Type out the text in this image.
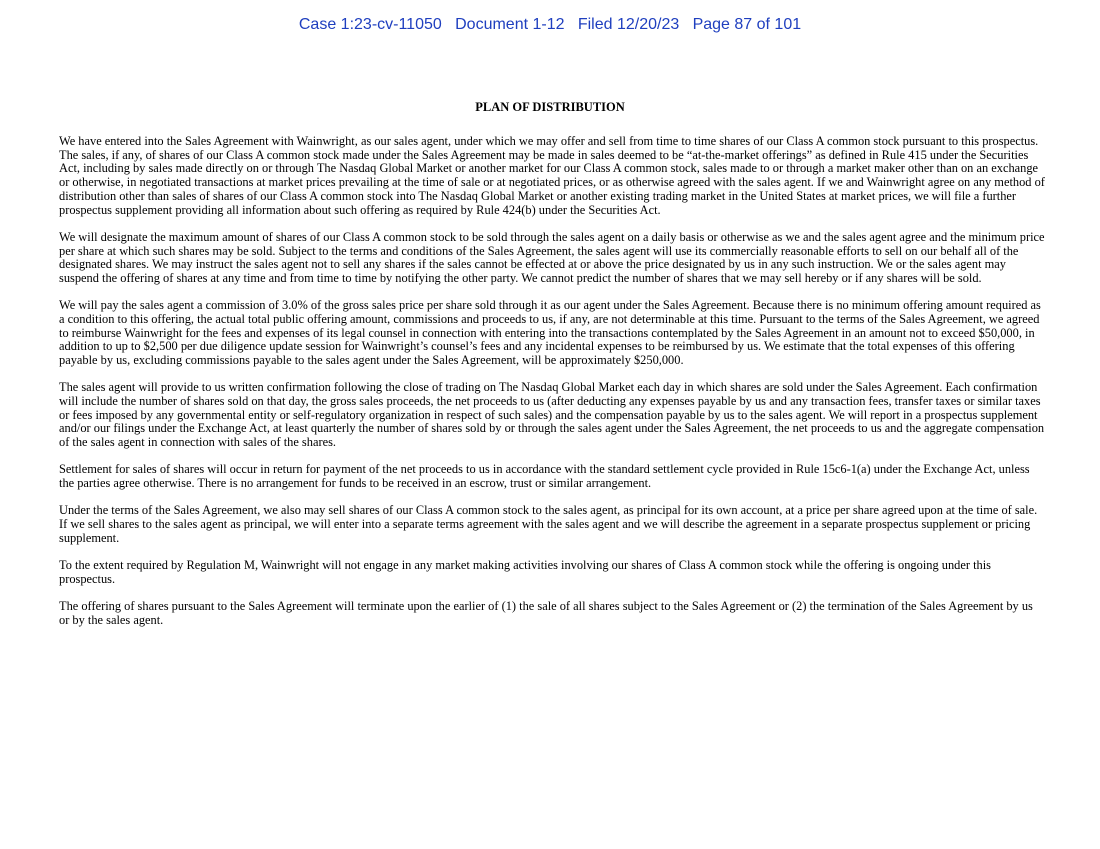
Case 1:23-cv-11050   Document 1-12   Filed 12/20/23   Page 87 of 101
PLAN OF DISTRIBUTION

We have entered into the Sales Agreement with Wainwright, as our sales agent, under which we may offer and sell from time to time shares of our Class A common stock pursuant to this prospectus. The sales, if any, of shares of our Class A common stock made under the Sales Agreement may be made in sales deemed to be “at-the-market offerings” as defined in Rule 415 under the Securities Act, including by sales made directly on or through The Nasdaq Global Market or another market for our Class A common stock, sales made to or through a market maker other than on an exchange or otherwise, in negotiated transactions at market prices prevailing at the time of sale or at negotiated prices, or as otherwise agreed with the sales agent. If we and Wainwright agree on any method of distribution other than sales of shares of our Class A common stock into The Nasdaq Global Market or another existing trading market in the United States at market prices, we will file a further prospectus supplement providing all information about such offering as required by Rule 424(b) under the Securities Act.

We will designate the maximum amount of shares of our Class A common stock to be sold through the sales agent on a daily basis or otherwise as we and the sales agent agree and the minimum price per share at which such shares may be sold. Subject to the terms and conditions of the Sales Agreement, the sales agent will use its commercially reasonable efforts to sell on our behalf all of the designated shares. We may instruct the sales agent not to sell any shares if the sales cannot be effected at or above the price designated by us in any such instruction. We or the sales agent may suspend the offering of shares at any time and from time to time by notifying the other party. We cannot predict the number of shares that we may sell hereby or if any shares will be sold.

We will pay the sales agent a commission of 3.0% of the gross sales price per share sold through it as our agent under the Sales Agreement. Because there is no minimum offering amount required as a condition to this offering, the actual total public offering amount, commissions and proceeds to us, if any, are not determinable at this time. Pursuant to the terms of the Sales Agreement, we agreed to reimburse Wainwright for the fees and expenses of its legal counsel in connection with entering into the transactions contemplated by the Sales Agreement in an amount not to exceed $50,000, in addition to up to $2,500 per due diligence update session for Wainwright’s counsel’s fees and any incidental expenses to be reimbursed by us. We estimate that the total expenses of this offering payable by us, excluding commissions payable to the sales agent under the Sales Agreement, will be approximately $250,000.

The sales agent will provide to us written confirmation following the close of trading on The Nasdaq Global Market each day in which shares are sold under the Sales Agreement. Each confirmation will include the number of shares sold on that day, the gross sales proceeds, the net proceeds to us (after deducting any expenses payable by us and any transaction fees, transfer taxes or similar taxes or fees imposed by any governmental entity or self-regulatory organization in respect of such sales) and the compensation payable by us to the sales agent. We will report in a prospectus supplement and/or our filings under the Exchange Act, at least quarterly the number of shares sold by or through the sales agent under the Sales Agreement, the net proceeds to us and the aggregate compensation of the sales agent in connection with sales of the shares.

Settlement for sales of shares will occur in return for payment of the net proceeds to us in accordance with the standard settlement cycle provided in Rule 15c6-1(a) under the Exchange Act, unless the parties agree otherwise. There is no arrangement for funds to be received in an escrow, trust or similar arrangement.

Under the terms of the Sales Agreement, we also may sell shares of our Class A common stock to the sales agent, as principal for its own account, at a price per share agreed upon at the time of sale. If we sell shares to the sales agent as principal, we will enter into a separate terms agreement with the sales agent and we will describe the agreement in a separate prospectus supplement or pricing supplement.

To the extent required by Regulation M, Wainwright will not engage in any market making activities involving our shares of Class A common stock while the offering is ongoing under this prospectus.

The offering of shares pursuant to the Sales Agreement will terminate upon the earlier of (1) the sale of all shares subject to the Sales Agreement or (2) the termination of the Sales Agreement by us or by the sales agent.
